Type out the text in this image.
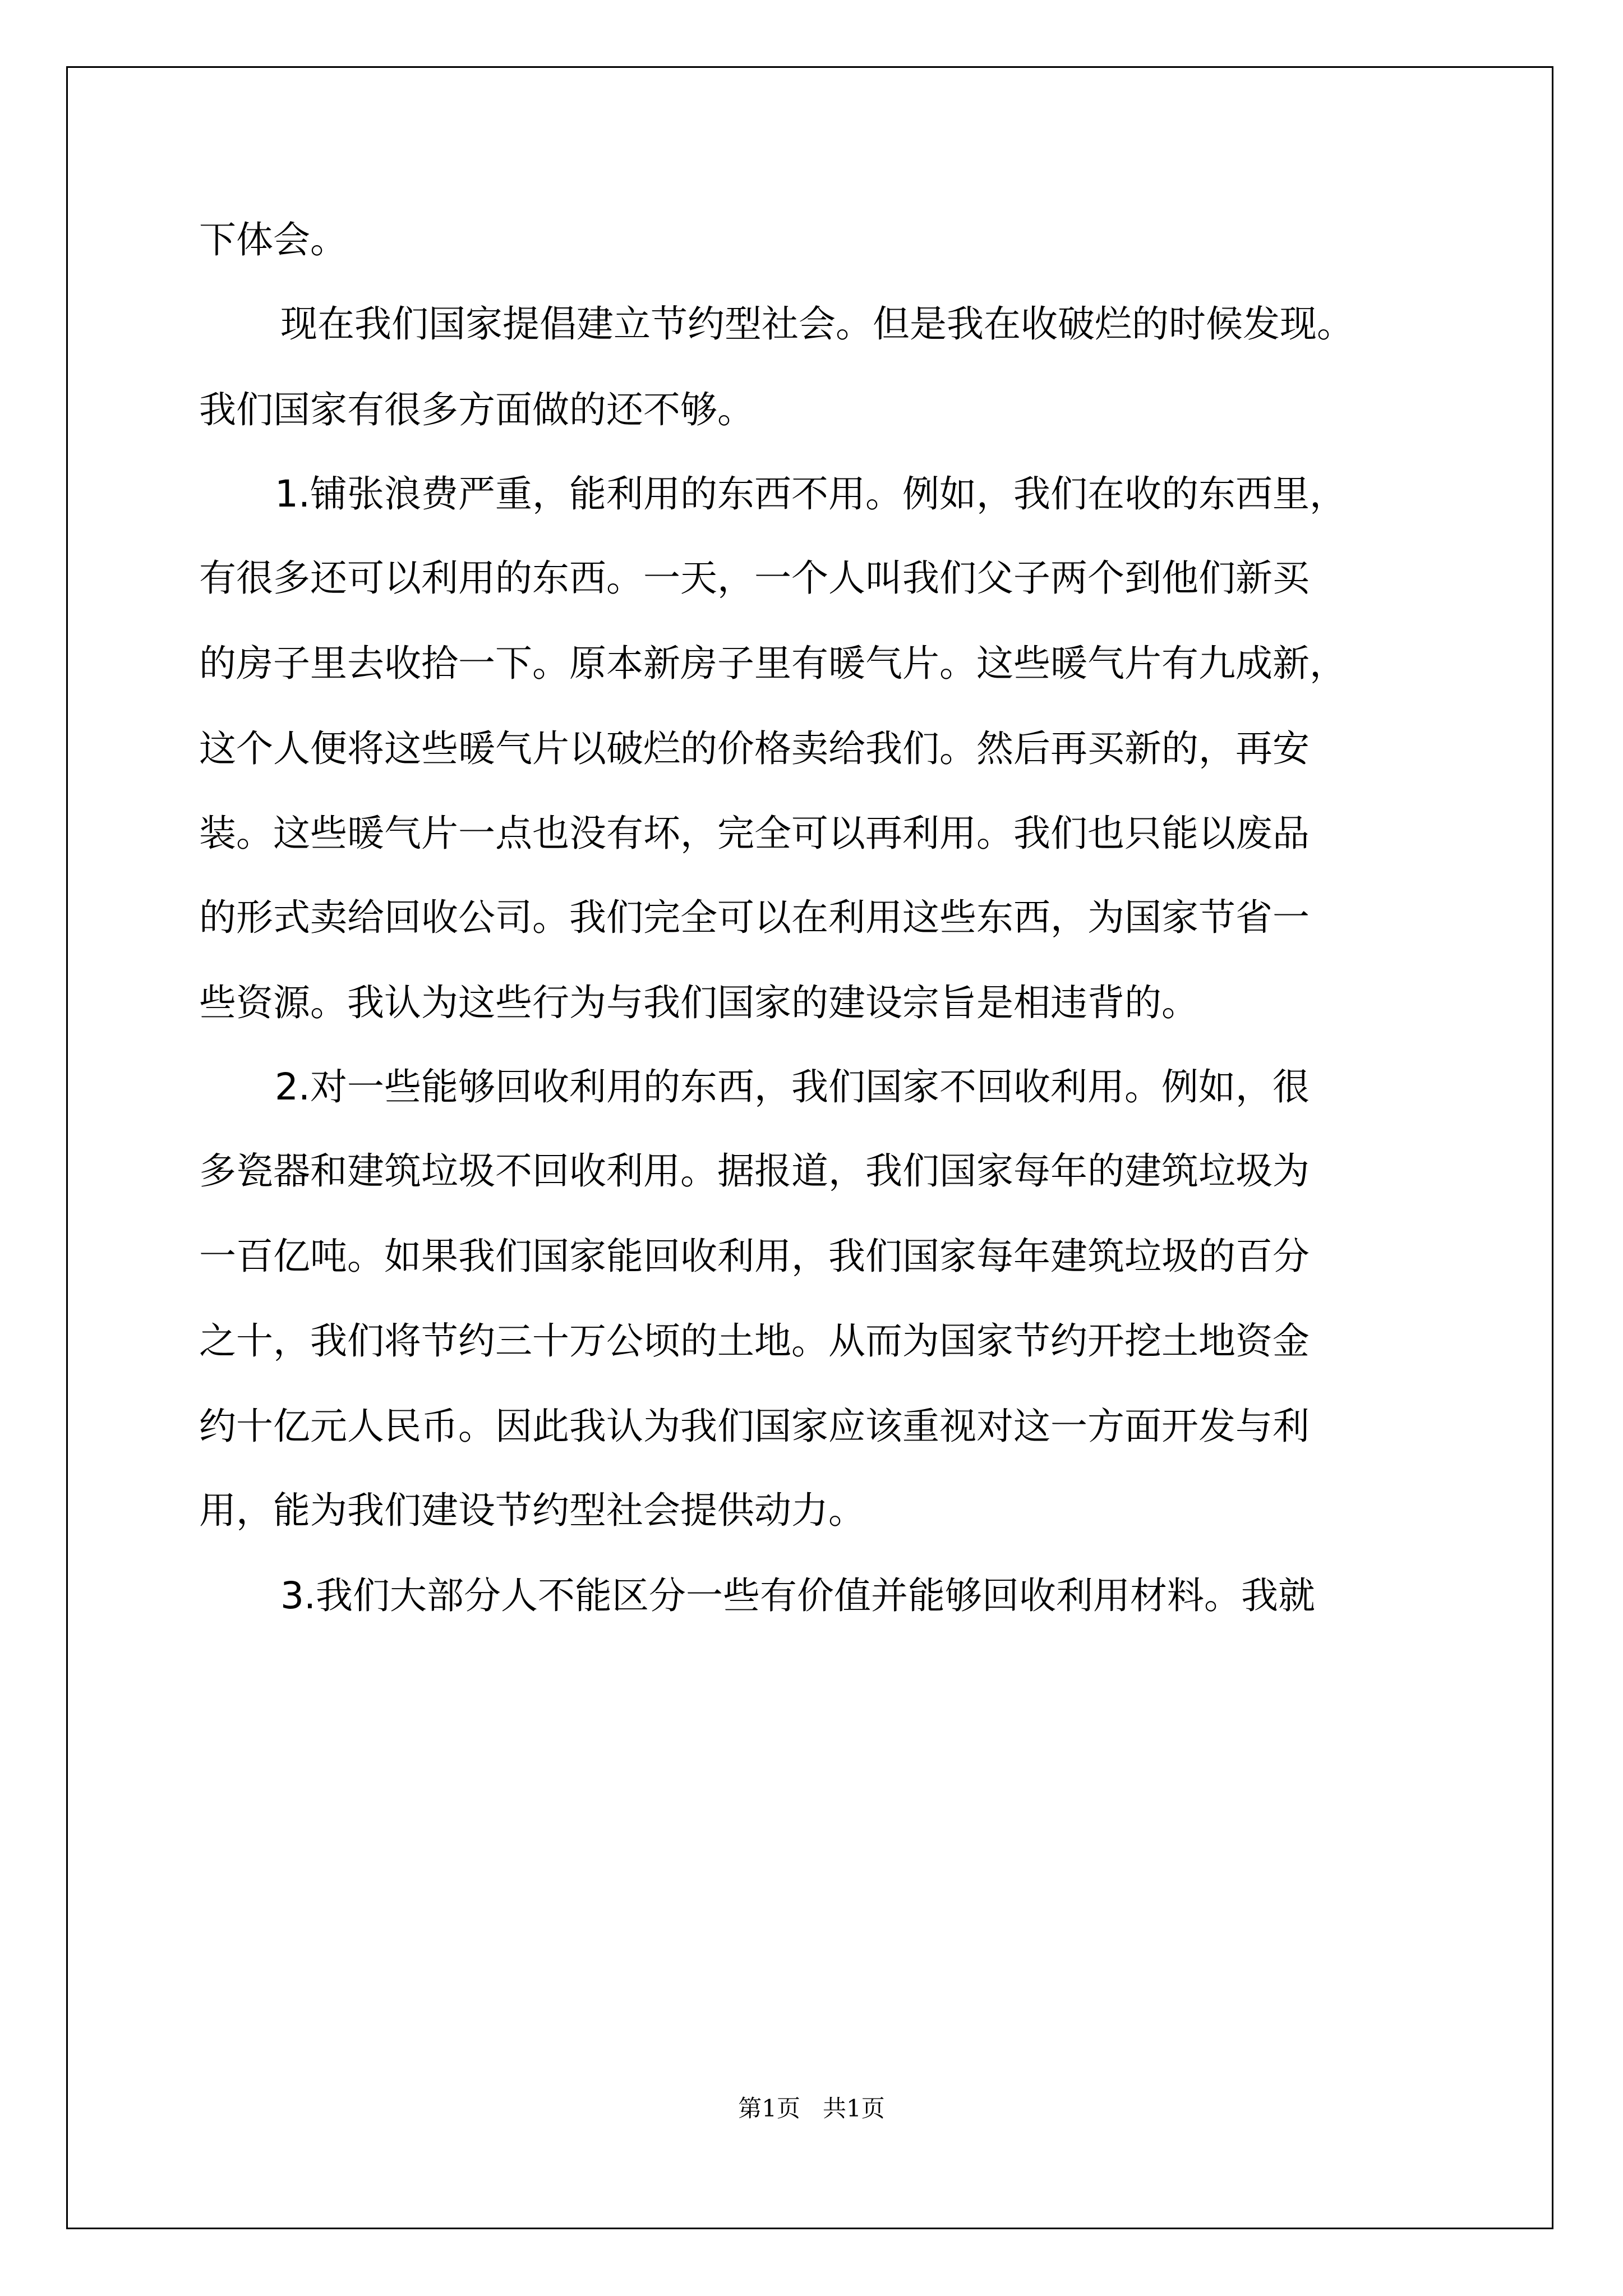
下体会。

现在我们国家提倡建立节约型社会。但是我在收破烂的时候发现。

我们国家有很多方面做的还不够。

1.铺张浪费严重，能利用的东西不用。例如，我们在收的东西里，

有很多还可以利用的东西。一天，一个人叫我们父子两个到他们新买

的房子里去收拾一下。原本新房子里有暖气片。这些暖气片有九成新，

这个人便将这些暖气片以破烂的价格卖给我们。然后再买新的，再安

装。这些暖气片一点也没有坏，完全可以再利用。我们也只能以废品

的形式卖给回收公司。我们完全可以在利用这些东西，为国家节省一

些资源。我认为这些行为与我们国家的建设宗旨是相违背的。

2.对一些能够回收利用的东西，我们国家不回收利用。例如，很

多瓷器和建筑垃圾不回收利用。据报道，我们国家每年的建筑垃圾为

一百亿吨。如果我们国家能回收利用，我们国家每年建筑垃圾的百分

之十，我们将节约三十万公顷的土地。从而为国家节约开挖土地资金

约十亿元人民币。因此我认为我们国家应该重视对这一方面开发与利

用，能为我们建设节约型社会提供动力。

3.我们大部分人不能区分一些有价值并能够回收利用材料。我就

第1页   共1页
